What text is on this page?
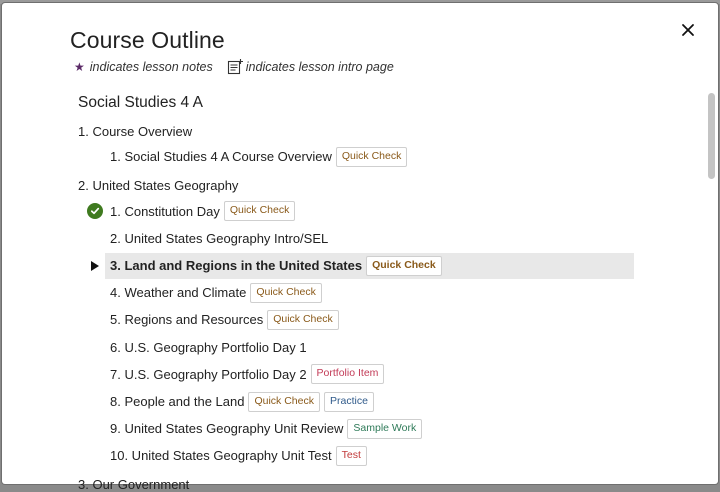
Course Outline
★ indicates lesson notes	indicates lesson intro page
Social Studies 4 A
1. Course Overview
1. Social Studies 4 A Course Overview Quick Check
2. United States Geography
1. Constitution Day Quick Check
2. United States Geography Intro/SEL
3. Land and Regions in the United States Quick Check
4. Weather and Climate Quick Check
5. Regions and Resources Quick Check
6. U.S. Geography Portfolio Day 1
7. U.S. Geography Portfolio Day 2 Portfolio Item
8. People and the Land Quick Check	Practice
9. United States Geography Unit Review Sample Work
10. United States Geography Unit Test Test
3. Our Government
